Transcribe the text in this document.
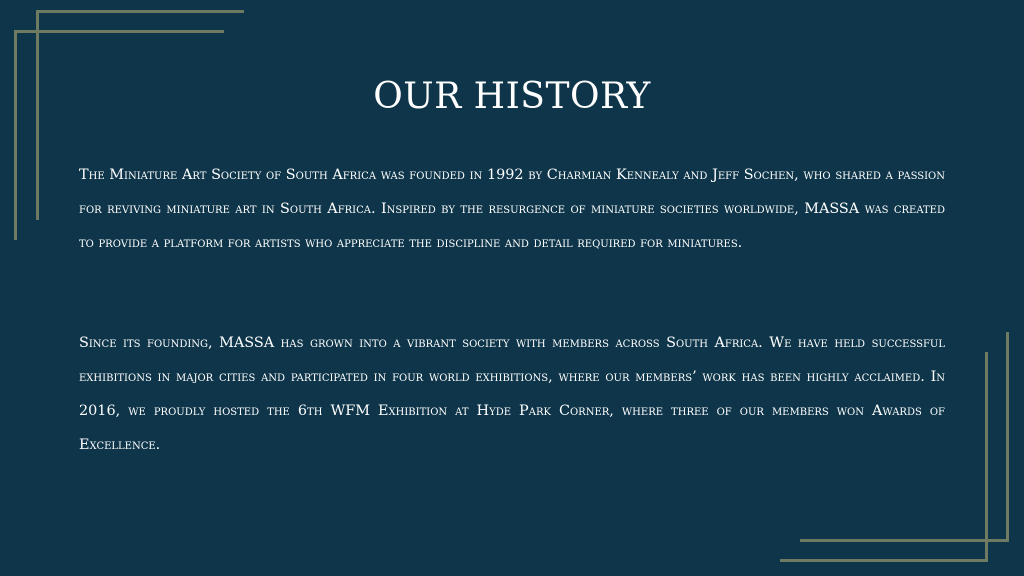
OUR HISTORY

The Miniature Art Society of South Africa was founded in 1992 by Charmian Kennealy and Jeff Sochen, who shared a passion for reviving miniature art in South Africa. Inspired by the resurgence of miniature societies worldwide, MASSA was created to provide a platform for artists who appreciate the discipline and detail required for miniatures.

Since its founding, MASSA has grown into a vibrant society with members across South Africa. We have held successful exhibitions in major cities and participated in four world exhibitions, where our members’ work has been highly acclaimed. In 2016, we proudly hosted the 6th WFM Exhibition at Hyde Park Corner, where three of our members won Awards of Excellence.
